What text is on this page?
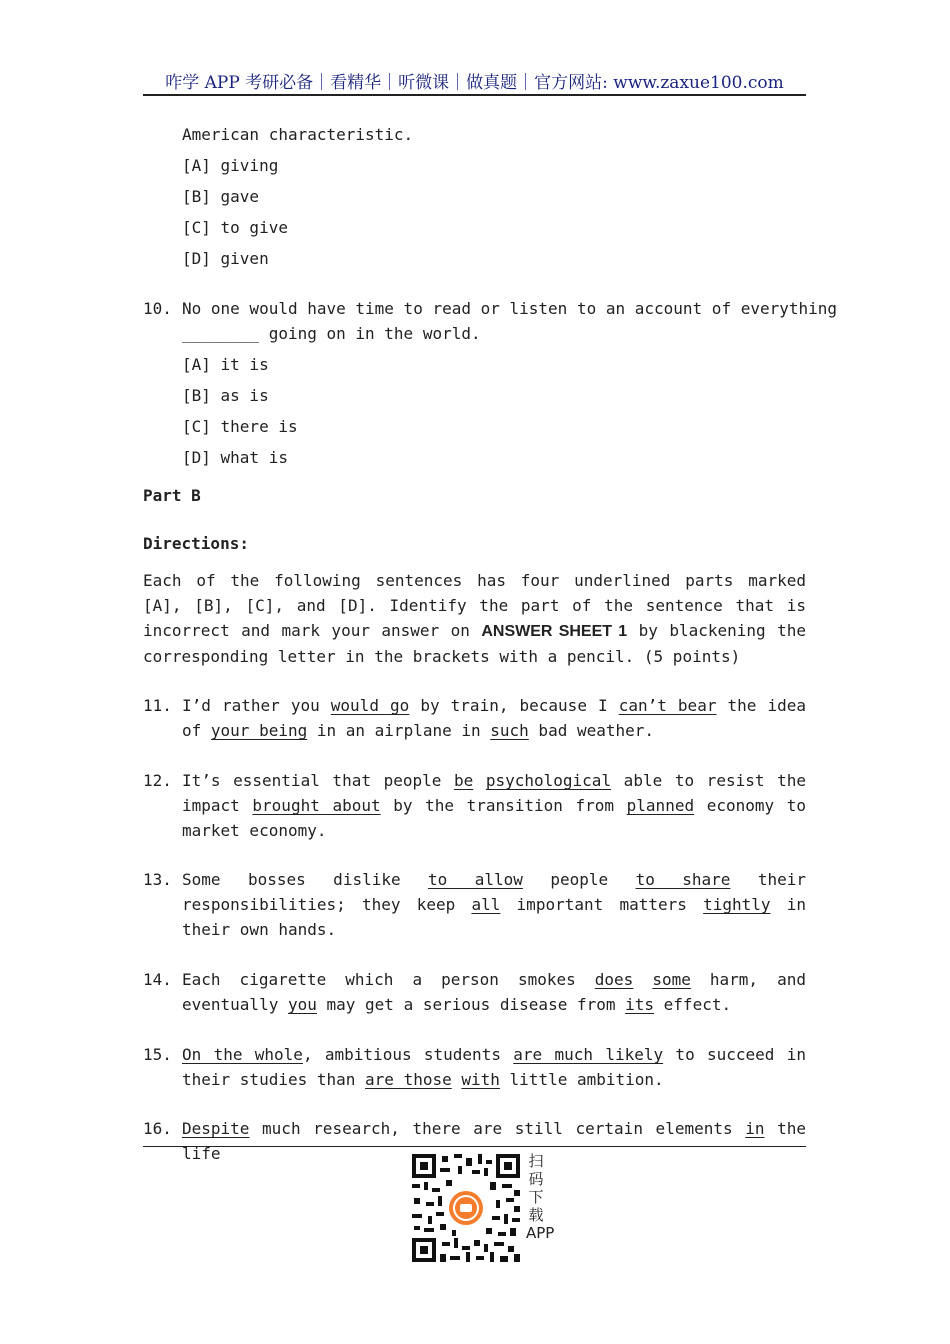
咋学 APP 考研必备｜看精华｜听微课｜做真题｜官方网站: www.zaxue100.com
American characteristic.
[A] giving
[B] gave
[C] to give
[D] given
10. No one would have time to read or listen to an account of everything
________ going on in the world.
[A] it is
[B] as is
[C] there is
[D] what is
Part B
Directions:
Each of the following sentences has four underlined parts marked [A], [B], [C], and [D]. Identify the part of the sentence that is incorrect and mark your answer on ANSWER SHEET 1 by blackening the corresponding letter in the brackets with a pencil. (5 points)
11. I’d rather you would go by train, because I can’t bear the idea of your being in an airplane in such bad weather.
12. It’s essential that people be psychological able to resist the impact brought about by the transition from planned economy to market economy.
13. Some bosses dislike to allow people to share their responsibilities; they keep all important matters tightly in their own hands.
14. Each cigarette which a person smokes does some harm, and eventually you may get a serious disease from its effect.
15. On the whole, ambitious students are much likely to succeed in their studies than are those with little ambition.
16. Despite much research, there are still certain elements in the life	扫码下载APP
